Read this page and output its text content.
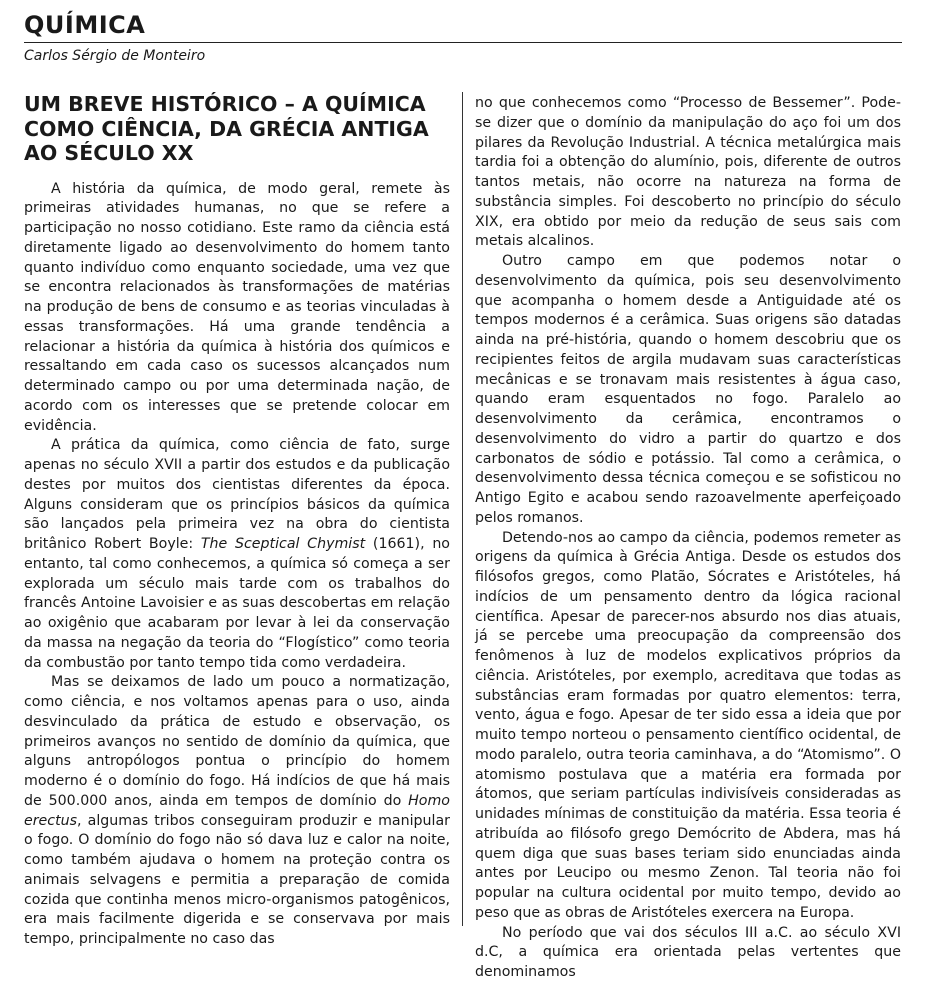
QUÍMICA
Carlos Sérgio de Monteiro
UM BREVE HISTÓRICO – A QUÍMICA COMO CIÊNCIA, DA GRÉCIA ANTIGA AO SÉCULO XX

A história da química, de modo geral, remete às primeiras atividades humanas, no que se refere a participação no nosso cotidiano. Este ramo da ciência está diretamente ligado ao desenvolvimento do homem tanto quanto indivíduo como enquanto sociedade, uma vez que se encontra relacionados às transformações de matérias na produção de bens de consumo e as teorias vinculadas à essas transformações. Há uma grande tendência a relacionar a história da química à história dos químicos e ressaltando em cada caso os sucessos alcançados num determinado campo ou por uma determinada nação, de acordo com os interesses que se pretende colocar em evidência.

A prática da química, como ciência de fato, surge apenas no século XVII a partir dos estudos e da publicação destes por muitos dos cientistas diferentes da época. Alguns consideram que os princípios básicos da química são lançados pela primeira vez na obra do cientista britânico Robert Boyle: The Sceptical Chymist (1661), no entanto, tal como conhecemos, a química só começa a ser explorada um século mais tarde com os trabalhos do francês Antoine Lavoisier e as suas descobertas em relação ao oxigênio que acabaram por levar à lei da conservação da massa na negação da teoria do “Flogístico” como teoria da combustão por tanto tempo tida como verdadeira.

Mas se deixamos de lado um pouco a normatização, como ciência, e nos voltamos apenas para o uso, ainda desvinculado da prática de estudo e observação, os primeiros avanços no sentido de domínio da química, que alguns antropólogos pontua o princípio do homem moderno é o domínio do fogo. Há indícios de que há mais de 500.000 anos, ainda em tempos de domínio do Homo erectus, algumas tribos conseguiram produzir e manipular o fogo. O domínio do fogo não só dava luz e calor na noite, como também ajudava o homem na proteção contra os animais selvagens e permitia a preparação de comida cozida que continha menos micro-organismos patogênicos, era mais facilmente digerida e se conservava por mais tempo, principalmente no caso das

no que conhecemos como “Processo de Bessemer”. Pode-se dizer que o domínio da manipulação do aço foi um dos pilares da Revolução Industrial. A técnica metalúrgica mais tardia foi a obtenção do alumínio, pois, diferente de outros tantos metais, não ocorre na natureza na forma de substância simples. Foi descoberto no princípio do século XIX, era obtido por meio da redução de seus sais com metais alcalinos.

Outro campo em que podemos notar o desenvolvimento da química, pois seu desenvolvimento que acompanha o homem desde a Antiguidade até os tempos modernos é a cerâmica. Suas origens são datadas ainda na pré-história, quando o homem descobriu que os recipientes feitos de argila mudavam suas características mecânicas e se tronavam mais resistentes à água caso, quando eram esquentados no fogo. Paralelo ao desenvolvimento da cerâmica, encontramos o desenvolvimento do vidro a partir do quartzo e dos carbonatos de sódio e potássio. Tal como a cerâmica, o desenvolvimento dessa técnica começou e se sofisticou no Antigo Egito e acabou sendo razoavelmente aperfeiçoado pelos romanos.

Detendo-nos ao campo da ciência, podemos remeter as origens da química à Grécia Antiga. Desde os estudos dos filósofos gregos, como Platão, Sócrates e Aristóteles, há indícios de um pensamento dentro da lógica racional científica. Apesar de parecer-nos absurdo nos dias atuais, já se percebe uma preocupação da compreensão dos fenômenos à luz de modelos explicativos próprios da ciência. Aristóteles, por exemplo, acreditava que todas as substâncias eram formadas por quatro elementos: terra, vento, água e fogo. Apesar de ter sido essa a ideia que por muito tempo norteou o pensamento científico ocidental, de modo paralelo, outra teoria caminhava, a do “Atomismo”. O atomismo postulava que a matéria era formada por átomos, que seriam partículas indivisíveis consideradas as unidades mínimas de constituição da matéria. Essa teoria é atribuída ao filósofo grego Demócrito de Abdera, mas há quem diga que suas bases teriam sido enunciadas ainda antes por Leucipo ou mesmo Zenon. Tal teoria não foi popular na cultura ocidental por muito tempo, devido ao peso que as obras de Aristóteles exercera na Europa.

No período que vai dos séculos III a.C. ao século XVI d.C, a química era orientada pelas vertentes que denominamos
